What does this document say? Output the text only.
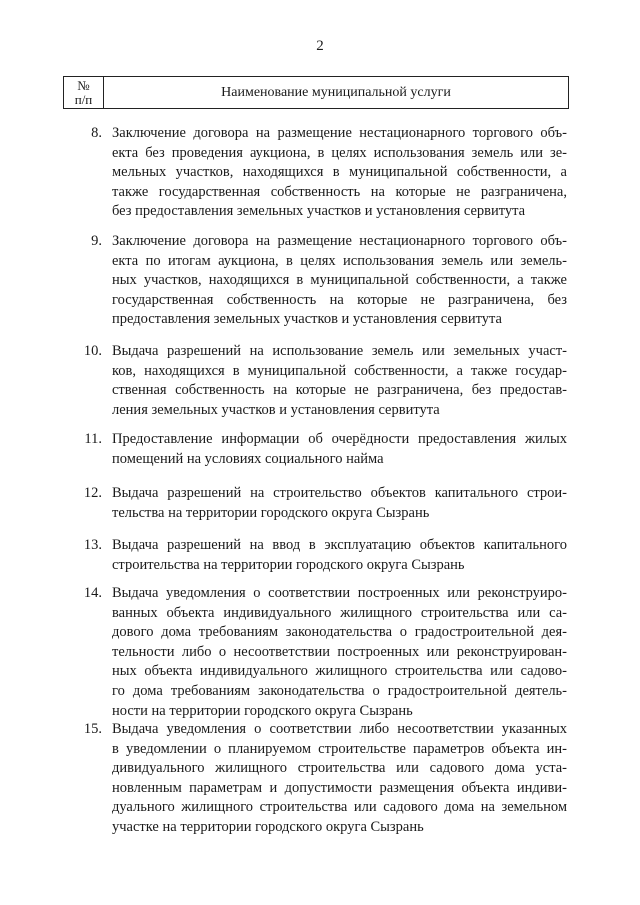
2
№
п/п	Наименование муниципальной услуги
8. Заключение договора на размещение нестационарного торгового объ-
екта без проведения аукциона, в целях использования земель или зе-
мельных участков, находящихся в муниципальной собственности, а
также государственная собственность на которые не разграничена,
без предоставления земельных участков и установления сервитута
9. Заключение договора на размещение нестационарного торгового объ-
екта по итогам аукциона, в целях использования земель или земель-
ных участков, находящихся в муниципальной собственности, а также
государственная собственность на которые не разграничена, без
предоставления земельных участков и установления сервитута
10. Выдача разрешений на использование земель или земельных участ-
ков, находящихся в муниципальной собственности, а также государ-
ственная собственность на которые не разграничена, без предостав-
ления земельных участков и установления сервитута
11. Предоставление информации об очерёдности предоставления жилых
помещений на условиях социального найма
12. Выдача разрешений на строительство объектов капитального строи-
тельства на территории городского округа Сызрань
13. Выдача разрешений на ввод в эксплуатацию объектов капитального
строительства на территории городского округа Сызрань
14. Выдача уведомления о соответствии построенных или реконструиро-
ванных объекта индивидуального жилищного строительства или са-
дового дома требованиям законодательства о градостроительной дея-
тельности либо о несоответствии построенных или реконструирован-
ных объекта индивидуального жилищного строительства или садово-
го дома требованиям законодательства о градостроительной деятель-
ности на территории городского округа Сызрань
15. Выдача уведомления о соответствии либо несоответствии указанных
в уведомлении о планируемом строительстве параметров объекта ин-
дивидуального жилищного строительства или садового дома уста-
новленным параметрам и допустимости размещения объекта индиви-
дуального жилищного строительства или садового дома на земельном
участке на территории городского округа Сызрань
